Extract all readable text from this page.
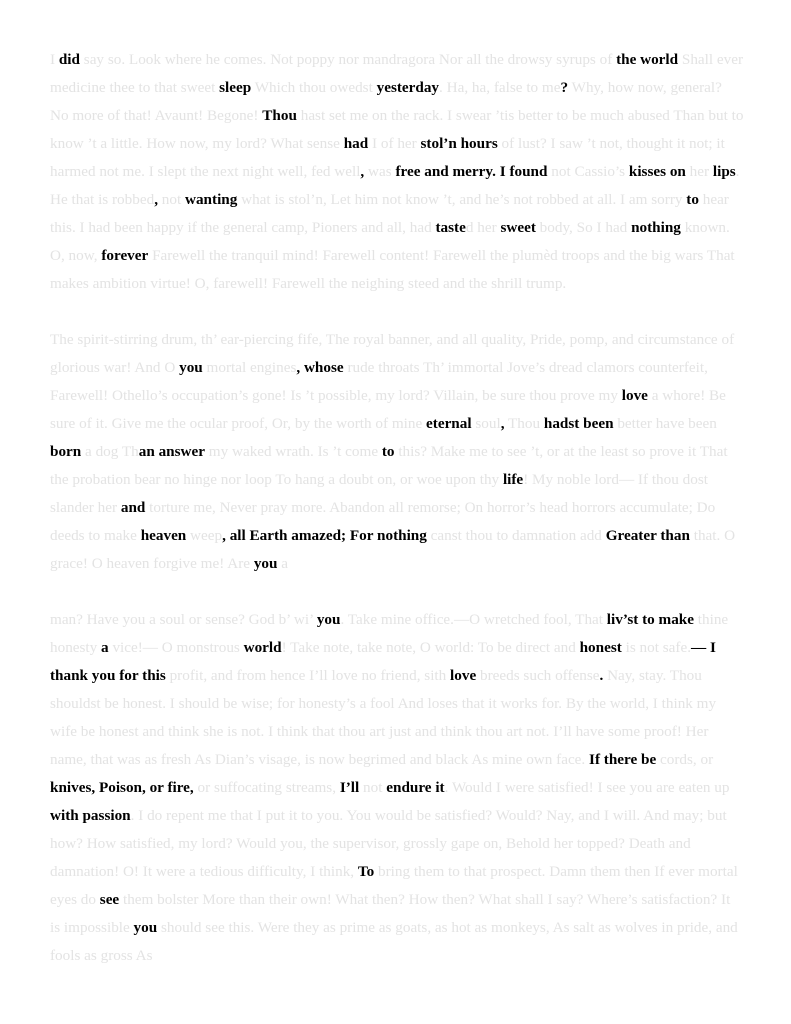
I did say so. Look where he comes. Not poppy nor mandragora Nor all the drowsy syrups of the world Shall ever medicine thee to that sweet sleep Which thou owedst yesterday. Ha, ha, false to me? Why, how now, general? No more of that! Avaunt! Begone! Thou hast set me on the rack. I swear ’tis better to be much abused Than but to know ’t a little. How now, my lord? What sense had I of her stol’n hours of lust? I saw ’t not, thought it not; it harmed not me. I slept the next night well, fed well, was free and merry. I found not Cassio’s kisses on her lips. He that is robbed, not wanting what is stol’n, Let him not know ’t, and he’s not robbed at all. I am sorry to hear this. I had been happy if the general camp, Pioners and all, had tasted her sweet body, So I had nothing known. O, now, forever Farewell the tranquil mind! Farewell content! Farewell the plumèd troops and the big wars That makes ambition virtue! O, farewell! Farewell the neighing steed and the shrill trump.

The spirit-stirring drum, th’ ear-piercing fife, The royal banner, and all quality, Pride, pomp, and circumstance of glorious war! And O you mortal engines, whose rude throats Th’ immortal Jove’s dread clamors counterfeit, Farewell! Othello’s occupation’s gone! Is ’t possible, my lord? Villain, be sure thou prove my love a whore! Be sure of it. Give me the ocular proof, Or, by the worth of mine eternal soul, Thou hadst been better have been born a dog Than answer my waked wrath. Is ’t come to this? Make me to see ’t, or at the least so prove it That the probation bear no hinge nor loop To hang a doubt on, or woe upon thy life! My noble lord— If thou dost slander her and torture me, Never pray more. Abandon all remorse; On horror’s head horrors accumulate; Do deeds to make heaven weep, all Earth amazed; For nothing canst thou to damnation add Greater than that. O grace! O heaven forgive me! Are you a

man? Have you a soul or sense? God b’ wi’ you. Take mine office.—O wretched fool, That liv’st to make thine honesty a vice!— O monstrous world! Take note, take note, O world: To be direct and honest is not safe.— I thank you for this profit, and from hence I’ll love no friend, sith love breeds such offense. Nay, stay. Thou shouldst be honest. I should be wise; for honesty’s a fool And loses that it works for. By the world, I think my wife be honest and think she is not. I think that thou art just and think thou art not. I’ll have some proof! Her name, that was as fresh As Dian’s visage, is now begrimed and black As mine own face. If there be cords, or knives, Poison, or fire, or suffocating streams, I’ll not endure it. Would I were satisfied! I see you are eaten up with passion. I do repent me that I put it to you. You would be satisfied? Would? Nay, and I will. And may; but how? How satisfied, my lord? Would you, the supervisor, grossly gape on, Behold her topped? Death and damnation! O! It were a tedious difficulty, I think, To bring them to that prospect. Damn them then If ever mortal eyes do see them bolster More than their own! What then? How then? What shall I say? Where’s satisfaction? It is impossible you should see this. Were they as prime as goats, as hot as monkeys, As salt as wolves in pride, and fools as gross As
